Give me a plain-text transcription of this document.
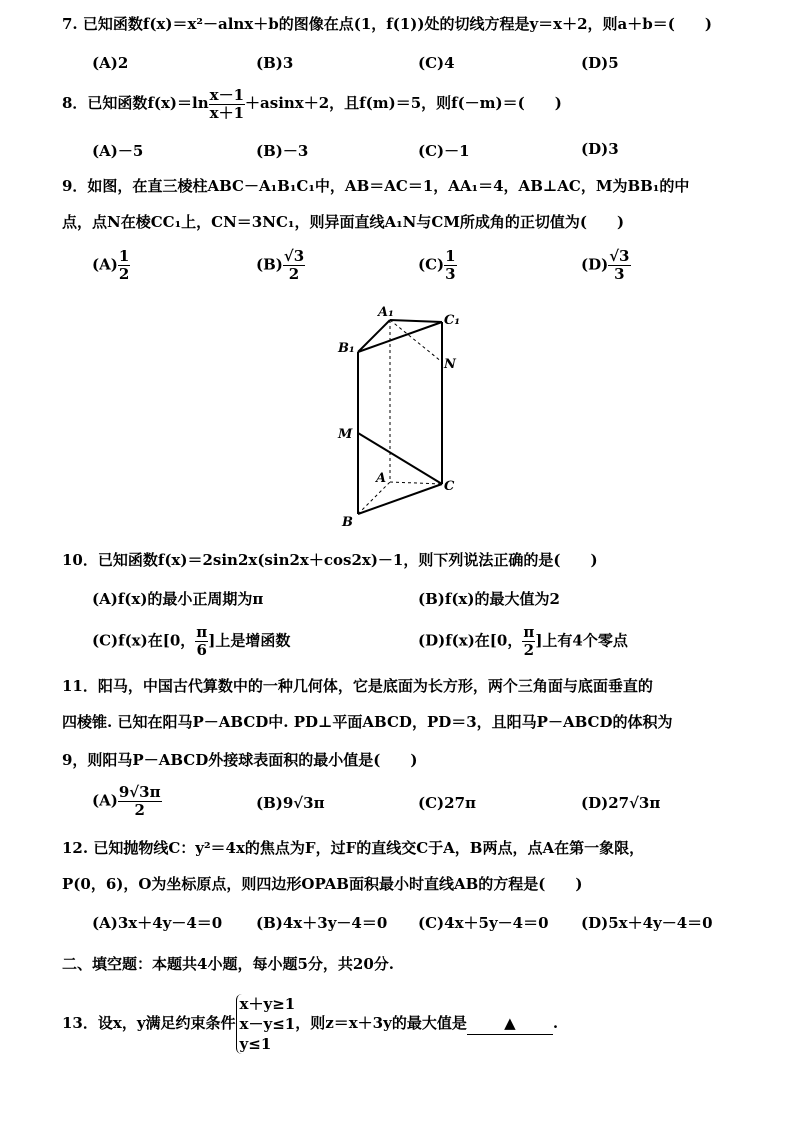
7. 已知函数f(x)＝x²－alnx＋b的图像在点(1，f(1))处的切线方程是y＝x＋2，则a＋b＝(　　)
(A)2	(B)3	(C)4	(D)5
8．已知函数$f(x)=\ln \frac{x-1}{x+1} +asinx+2$，且f(m)＝5，则f(－m)＝(　　)
(A)－5	(B)－3	(C)－1	(D)3
9．如图，在直三棱柱ABC－A₁B₁C₁中，AB＝AC＝1，AA₁＝4，AB⊥AC，M为BB₁的中
点，点N在棱CC₁上，CN＝3NC₁，则异面直线A₁N与CM所成角的正切值为(　　)
$(A) \frac{1}{2}$	$(B) \frac{√3}{2}$	$(C) \frac{1}{3}$	$(D) \frac{√3}{3}$
A₁
C₁
B₁
N
M
A
C
B
10．已知函数f(x)＝2sin2x(sin2x＋cos2x)－1，则下列说法正确的是(　　)
(A)f(x)的最小正周期为π	(B)f(x)的最大值为2
(C)f(x)在[0， $\frac{\pi}{6}$ ]上是增函数	(D)f(x)在[0， $\frac{\pi}{2}$ ]上有4个零点
11．阳马，中国古代算数中的一种几何体，它是底面为长方形，两个三角面与底面垂直的
四棱锥. 已知在阳马P－ABCD中. PD⊥平面ABCD，PD＝3，且阳马P－ABCD的体积为
9，则阳马P－ABCD外接球表面积的最小值是(　　)
$(A) \frac{9√3\pi}{2}$	(B)9√3π	(C)27π	(D)27√3π
12. 已知抛物线C：y²＝4x的焦点为F，过F的直线交C于A，B两点，点A在第一象限，
P(0，6)，O为坐标原点，则四边形OPAB面积最小时直线AB的方程是(　　)
(A)3x＋4y－4＝0 (B)4x＋3y－4＝0 (C)4x＋5y－4＝0 (D)5x＋4y－4＝0
二、填空题：本题共4小题，每小题5分，共20分.
13．设x，y满足约束条件
x＋y≥1
x－y≤1
y≤1
，则z＝x＋3y的最大值是 ▲ .
